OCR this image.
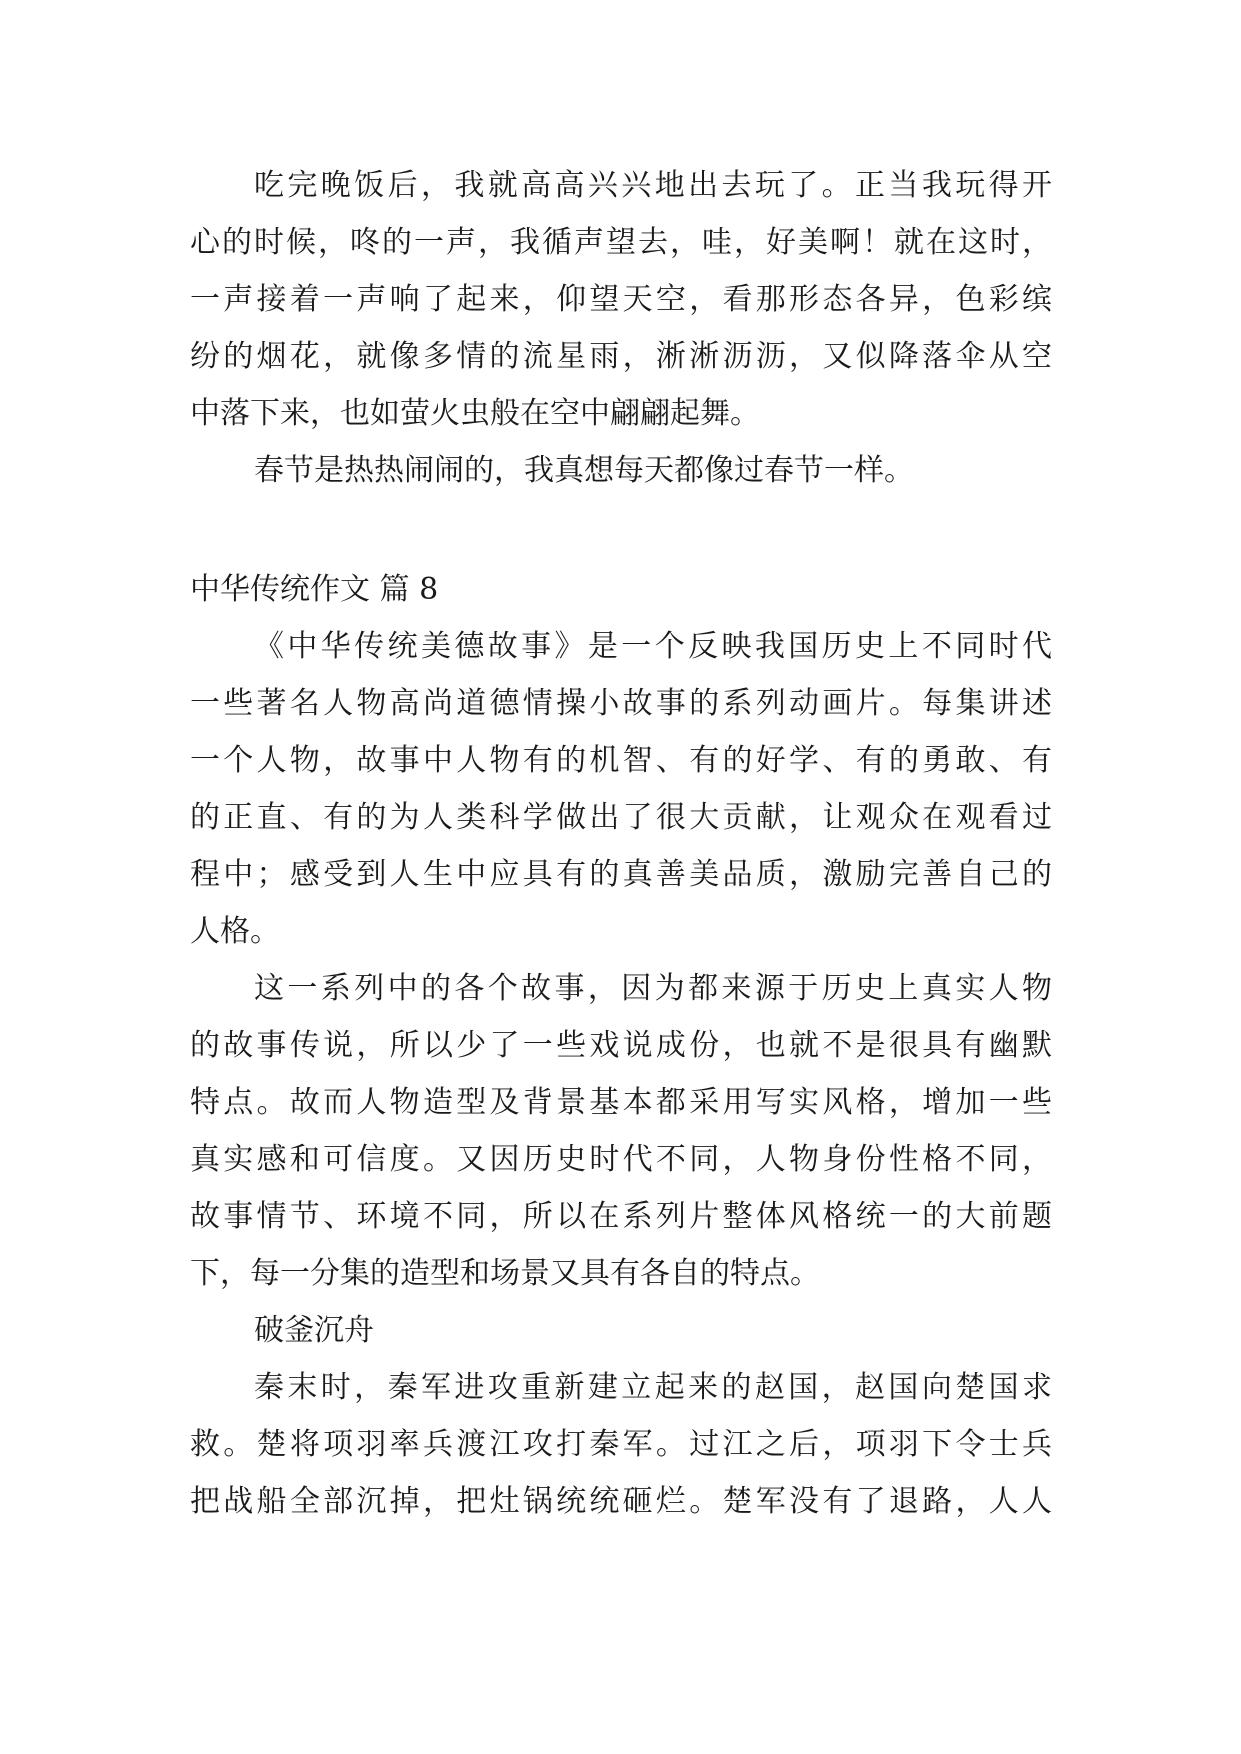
吃完晚饭后，我就高高兴兴地出去玩了。正当我玩得开
心的时候，咚的一声，我循声望去，哇，好美啊！就在这时，
一声接着一声响了起来，仰望天空，看那形态各异，色彩缤
纷的烟花，就像多情的流星雨，淅淅沥沥，又似降落伞从空
中落下来，也如萤火虫般在空中翩翩起舞。
春节是热热闹闹的，我真想每天都像过春节一样。
中华传统作文 篇 8
《中华传统美德故事》是一个反映我国历史上不同时代
一些著名人物高尚道德情操小故事的系列动画片。每集讲述
一个人物，故事中人物有的机智、有的好学、有的勇敢、有
的正直、有的为人类科学做出了很大贡献，让观众在观看过
程中；感受到人生中应具有的真善美品质，激励完善自己的
人格。
这一系列中的各个故事，因为都来源于历史上真实人物
的故事传说，所以少了一些戏说成份，也就不是很具有幽默
特点。故而人物造型及背景基本都采用写实风格，增加一些
真实感和可信度。又因历史时代不同，人物身份性格不同，
故事情节、环境不同，所以在系列片整体风格统一的大前题
下，每一分集的造型和场景又具有各自的特点。
破釜沉舟
秦末时，秦军进攻重新建立起来的赵国，赵国向楚国求
救。楚将项羽率兵渡江攻打秦军。过江之后，项羽下令士兵
把战船全部沉掉，把灶锅统统砸烂。楚军没有了退路，人人
